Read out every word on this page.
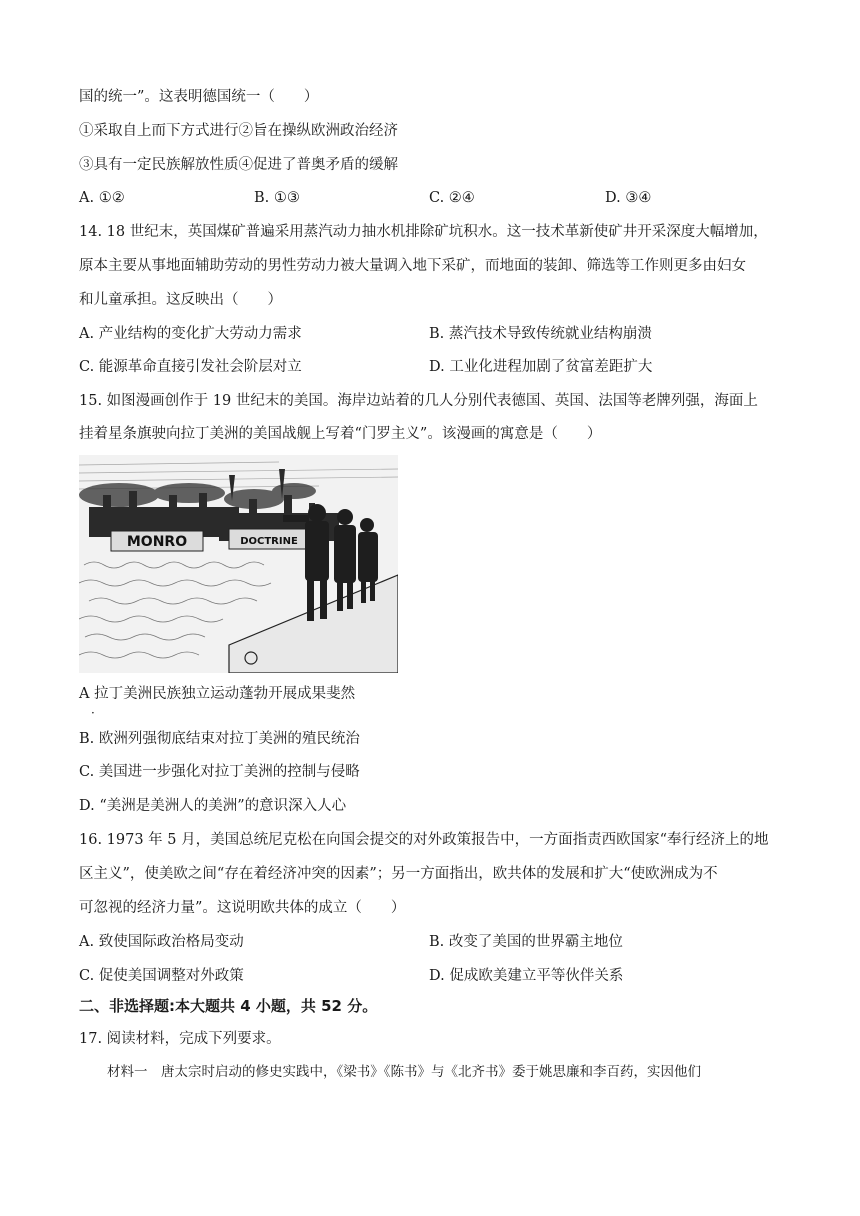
国的统一”。这表明德国统一（　　）
①采取自上而下方式进行②旨在操纵欧洲政治经济
③具有一定民族解放性质④促进了普奥矛盾的缓解
A. ①②	B. ①③	C. ②④	D. ③④
14. 18 世纪末，英国煤矿普遍采用蒸汽动力抽水机排除矿坑积水。这一技术革新使矿井开采深度大幅增加，
原本主要从事地面辅助劳动的男性劳动力被大量调入地下采矿，而地面的装卸、筛选等工作则更多由妇女
和儿童承担。这反映出（　　）
A. 产业结构的变化扩大劳动力需求	B. 蒸汽技术导致传统就业结构崩溃
C. 能源革命直接引发社会阶层对立	D. 工业化进程加剧了贫富差距扩大
15. 如图漫画创作于 19 世纪末的美国。海岸边站着的几人分别代表德国、英国、法国等老牌列强，海面上
挂着星条旗驶向拉丁美洲的美国战舰上写着“门罗主义”。该漫画的寓意是（　　）
MONRO	DOCTRINE
A 拉丁美洲民族独立运动蓬勃开展成果斐然
·
B. 欧洲列强彻底结束对拉丁美洲的殖民统治
C. 美国进一步强化对拉丁美洲的控制与侵略
D. “美洲是美洲人的美洲”的意识深入人心
16. 1973 年 5 月，美国总统尼克松在向国会提交的对外政策报告中，一方面指责西欧国家“奉行经济上的地
区主义”，使美欧之间“存在着经济冲突的因素”；另一方面指出，欧共体的发展和扩大“使欧洲成为不
可忽视的经济力量”。这说明欧共体的成立（　　）
A. 致使国际政治格局变动	B. 改变了美国的世界霸主地位
C. 促使美国调整对外政策	D. 促成欧美建立平等伙伴关系
二、非选择题:本大题共 4 小题，共 52 分。
17. 阅读材料，完成下列要求。
材料一　唐太宗时启动的修史实践中，《梁书》《陈书》与《北齐书》委于姚思廉和李百药，实因他们
